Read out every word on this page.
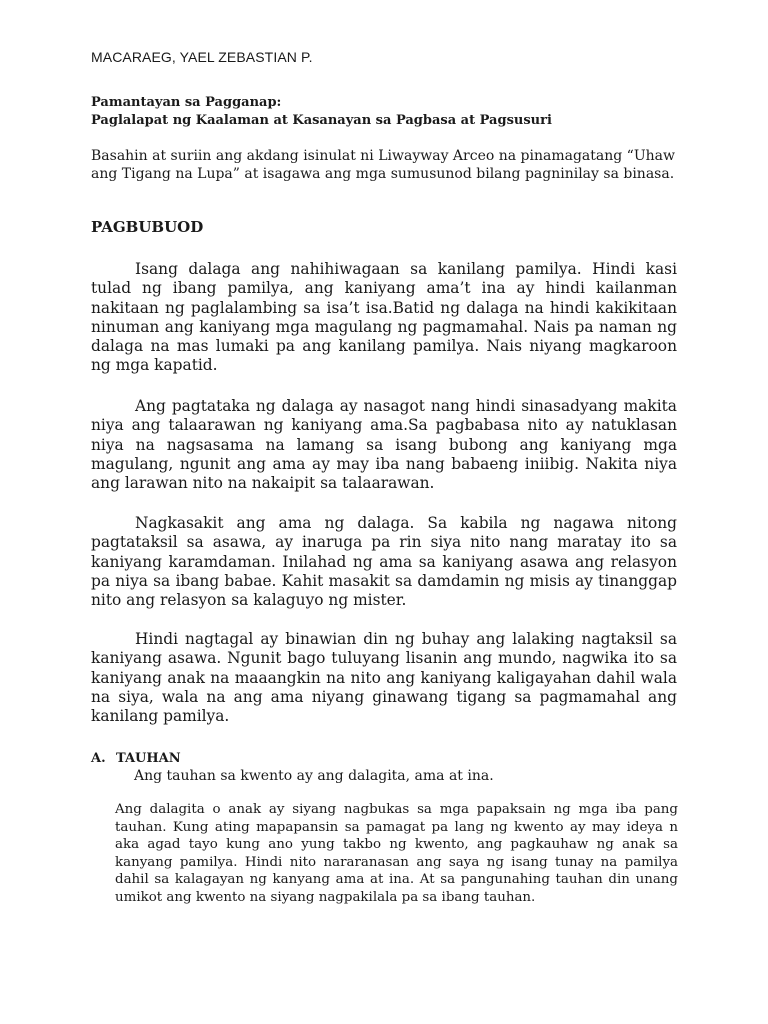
MACARAEG, YAEL ZEBASTIAN P.
Pamantayan sa Pagganap:
Paglalapat ng Kaalaman at Kasanayan sa Pagbasa at Pagsusuri
Basahin at suriin ang akdang isinulat ni Liwayway Arceo na pinamagatang “Uhaw ang Tigang na Lupa” at isagawa ang mga sumusunod bilang pagninilay sa binasa.
PAGBUBUOD

Isang dalaga ang nahihiwagaan sa kanilang pamilya. Hindi kasi tulad ng ibang pamilya, ang kaniyang ama’t ina ay hindi kailanman nakitaan ng paglalambing sa isa’t isa.Batid ng dalaga na hindi kakikitaan ninuman ang kaniyang mga magulang ng pagmamahal. Nais pa naman ng dalaga na mas lumaki pa ang kanilang pamilya. Nais niyang magkaroon ng mga kapatid.

Ang pagtataka ng dalaga ay nasagot nang hindi sinasadyang makita niya ang talaarawan ng kaniyang ama.Sa pagbabasa nito ay natuklasan niya na nagsasama na lamang sa isang bubong ang kaniyang mga magulang, ngunit ang ama ay may iba nang babaeng iniibig. Nakita niya ang larawan nito na nakaipit sa talaarawan.

Nagkasakit ang ama ng dalaga. Sa kabila ng nagawa nitong pagtataksil sa asawa, ay inaruga pa rin siya nito nang maratay ito sa kaniyang karamdaman. Inilahad ng ama sa kaniyang asawa ang relasyon pa niya sa ibang babae. Kahit masakit sa damdamin ng misis ay tinanggap nito ang relasyon sa kalaguyo ng mister.

Hindi nagtagal ay binawian din ng buhay ang lalaking nagtaksil sa kaniyang asawa. Ngunit bago tuluyang lisanin ang mundo, nagwika ito sa kaniyang anak na maaangkin na nito ang kaniyang kaligayahan dahil wala na siya, wala na ang ama niyang ginawang tigang sa pagmamahal ang kanilang pamilya.

A. TAUHAN
Ang tauhan sa kwento ay ang dalagita, ama at ina.

Ang dalagita o anak ay siyang nagbukas sa mga papaksain ng mga iba pang tauhan. Kung ating mapapansin sa pamagat pa lang ng kwento ay may ideya n aka agad tayo kung ano yung takbo ng kwento, ang pagkauhaw ng anak sa kanyang pamilya. Hindi nito nararanasan ang saya ng isang tunay na pamilya dahil sa kalagayan ng kanyang ama at ina. At sa pangunahing tauhan din unang umikot ang kwento na siyang nagpakilala pa sa ibang tauhan.
